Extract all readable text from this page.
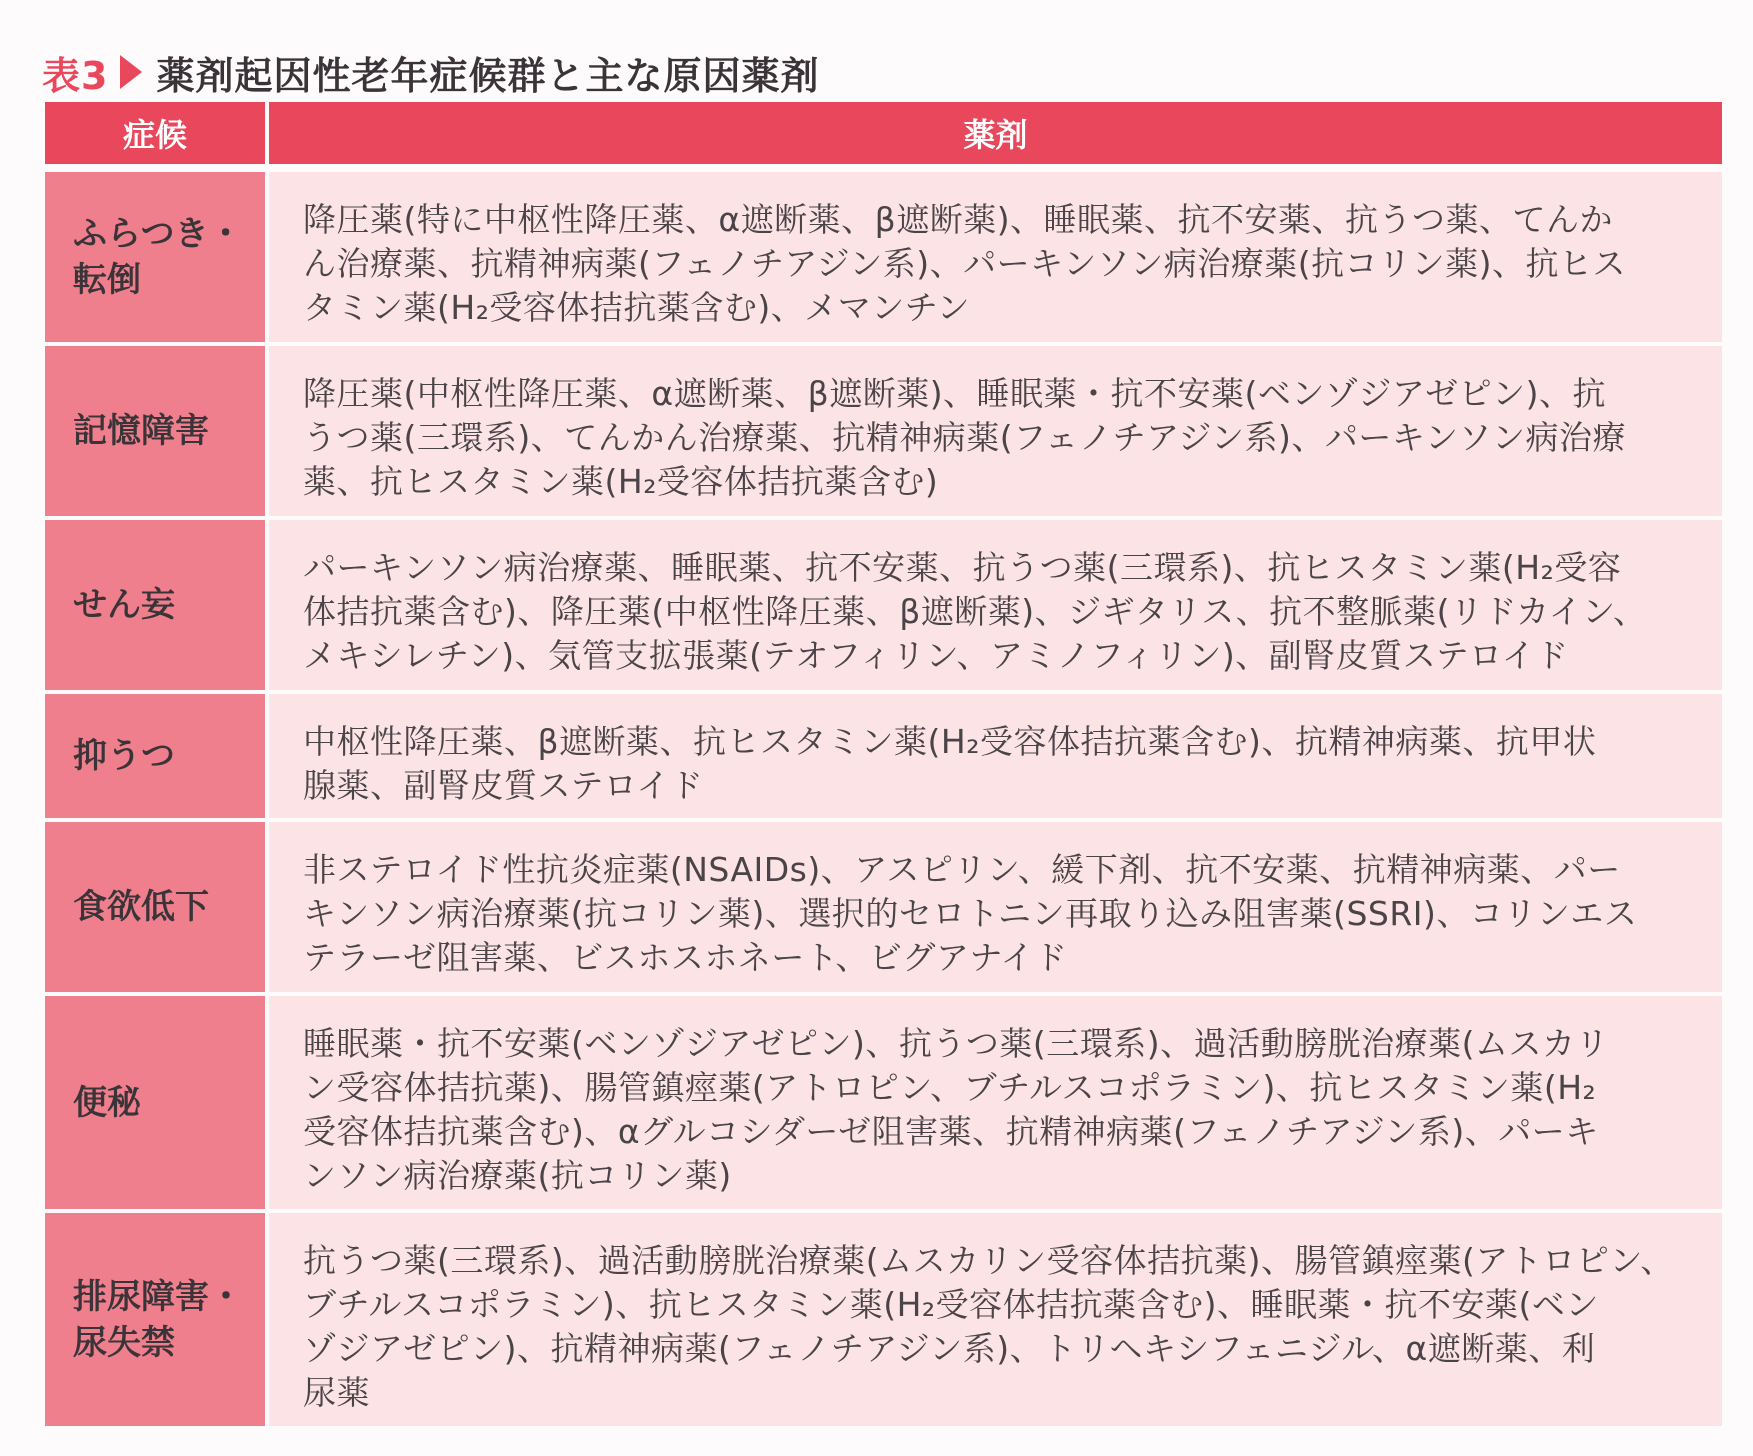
表3 薬剤起因性老年症候群と主な原因薬剤
症候	薬剤
ふらつき・
転倒
降圧薬(特に中枢性降圧薬、α遮断薬、β遮断薬)、睡眠薬、抗不安薬、抗うつ薬、てんか
ん治療薬、抗精神病薬(フェノチアジン系)、パーキンソン病治療薬(抗コリン薬)、抗ヒス
タミン薬(H₂受容体拮抗薬含む)、メマンチン
記憶障害
降圧薬(中枢性降圧薬、α遮断薬、β遮断薬)、睡眠薬・抗不安薬(ベンゾジアゼピン)、抗
うつ薬(三環系)、てんかん治療薬、抗精神病薬(フェノチアジン系)、パーキンソン病治療
薬、抗ヒスタミン薬(H₂受容体拮抗薬含む)
せん妄
パーキンソン病治療薬、睡眠薬、抗不安薬、抗うつ薬(三環系)、抗ヒスタミン薬(H₂受容
体拮抗薬含む)、降圧薬(中枢性降圧薬、β遮断薬)、ジギタリス、抗不整脈薬(リドカイン、
メキシレチン)、気管支拡張薬(テオフィリン、アミノフィリン)、副腎皮質ステロイド
抑うつ	中枢性降圧薬、β遮断薬、抗ヒスタミン薬(H₂受容体拮抗薬含む)、抗精神病薬、抗甲状
腺薬、副腎皮質ステロイド
食欲低下
非ステロイド性抗炎症薬(NSAIDs)、アスピリン、緩下剤、抗不安薬、抗精神病薬、パー
キンソン病治療薬(抗コリン薬)、選択的セロトニン再取り込み阻害薬(SSRI)、コリンエス
テラーゼ阻害薬、ビスホスホネート、ビグアナイド
便秘
睡眠薬・抗不安薬(ベンゾジアゼピン)、抗うつ薬(三環系)、過活動膀胱治療薬(ムスカリ
ン受容体拮抗薬)、腸管鎮痙薬(アトロピン、ブチルスコポラミン)、抗ヒスタミン薬(H₂
受容体拮抗薬含む)、αグルコシダーゼ阻害薬、抗精神病薬(フェノチアジン系)、パーキ
ンソン病治療薬(抗コリン薬)
排尿障害・
尿失禁
抗うつ薬(三環系)、過活動膀胱治療薬(ムスカリン受容体拮抗薬)、腸管鎮痙薬(アトロピン、
ブチルスコポラミン)、抗ヒスタミン薬(H₂受容体拮抗薬含む)、睡眠薬・抗不安薬(ベン
ゾジアゼピン)、抗精神病薬(フェノチアジン系)、トリヘキシフェニジル、α遮断薬、利
尿薬
